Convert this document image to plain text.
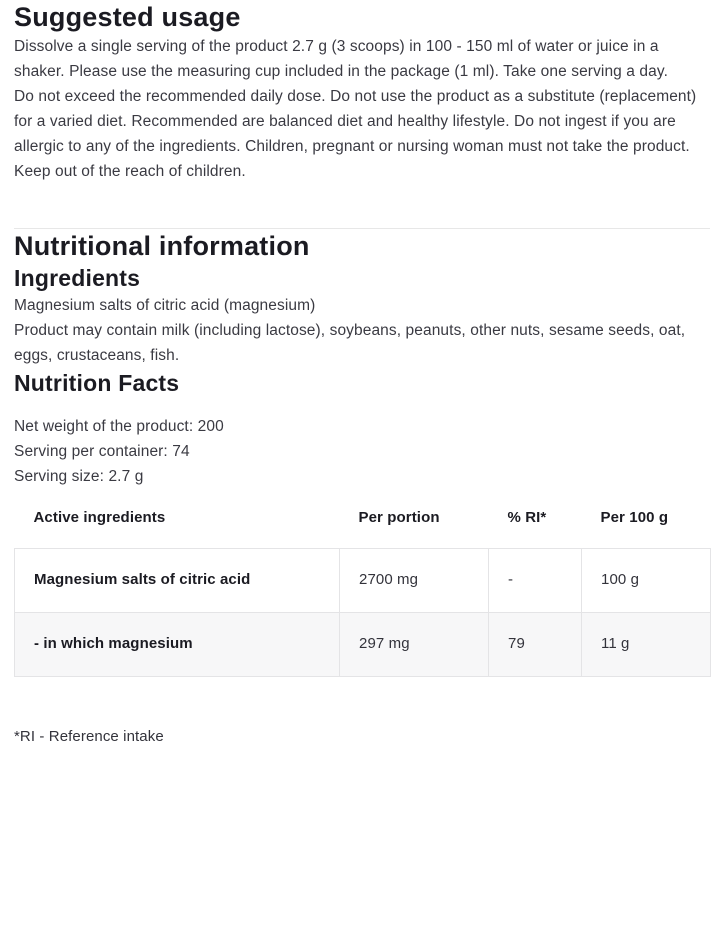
Suggested usage

Dissolve a single serving of the product 2.7 g (3 scoops) in 100 - 150 ml of water or juice in a shaker. Please use the measuring cup included in the package (1 ml). Take one serving a day.

Do not exceed the recommended daily dose. Do not use the product as a substitute (replacement) for a varied diet. Recommended are balanced diet and healthy lifestyle. Do not ingest if you are allergic to any of the ingredients. Children, pregnant or nursing woman must not take the product. Keep out of the reach of children.

Nutritional information
Ingredients

Magnesium salts of citric acid (magnesium)

Product may contain milk (including lactose), soybeans, peanuts, other nuts, sesame seeds, oat, eggs, crustaceans, fish.

Nutrition Facts

Net weight of the product: 200

Serving per container: 74

Serving size: 2.7 g

Active ingredients	Per portion	% RI*	Per 100 g
Magnesium salts of citric acid	2700 mg	-	100 g
- in which magnesium	297 mg	79	11 g

*RI - Reference intake
